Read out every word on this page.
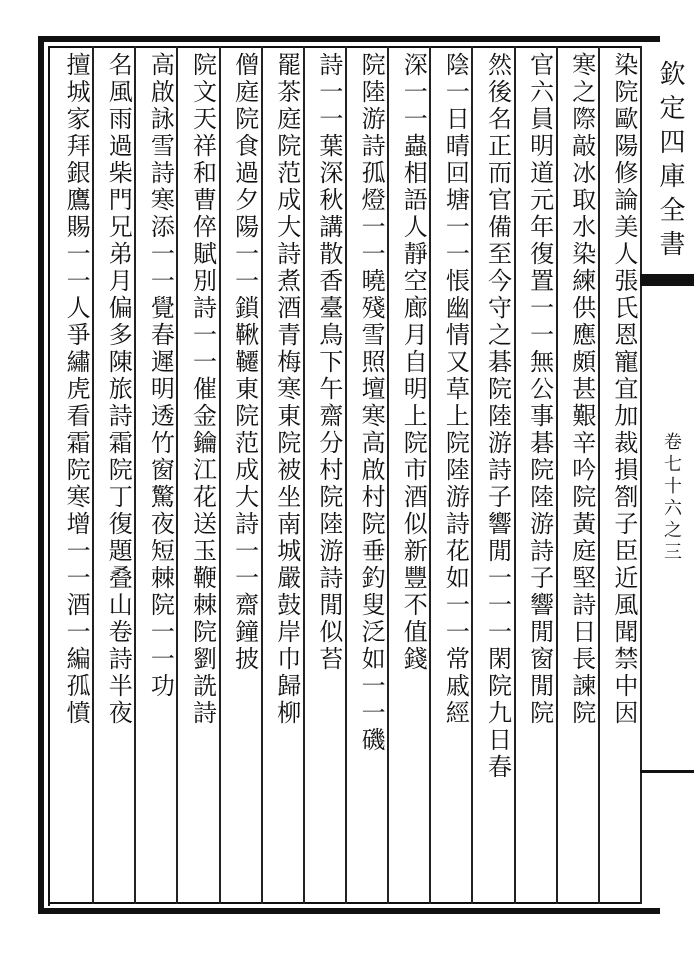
染院歐陽修論美人張氏恩寵宜加裁損劄子臣近風聞禁中因
寒之際敲冰取水染練供應頗甚艱辛吟院黃庭堅詩日長諫院
官六員明道元年復置一一無公事碁院陸游詩子響閒窗閒院
然後名正而官備至今守之碁院陸游詩子響閒一一一閑院九日春
陰一日晴回塘一一悵幽情又草上院陸游詩花如一一常戚經
深一一蟲相語人靜空廊月自明上院市酒似新豐不值錢
院陸游詩孤燈一一曉殘雪照壇寒高啟村院垂釣叟泛如一一磯
詩一一葉深秋講散香臺鳥下午齋分村院陸游詩閒似苔
罷茶庭院范成大詩煮酒青梅寒東院被坐南城嚴鼓岸巾歸柳
僧庭院食過夕陽一一鎖鞦韆東院范成大詩一一齋鐘披
院文天祥和曹倅賦別詩一一催金鑰江花送玉鞭棘院劉詵詩
高啟詠雪詩寒添一一覺春遲明透竹窗驚夜短棘院一一功
名風雨過柴門兄弟月偏多陳旅詩霜院丁復題叠山卷詩半夜
擅城家拜銀鷹賜一一人爭繡虎看霜院寒增一一酒一編孤憤	欽定四庫全書
卷七十六之三
